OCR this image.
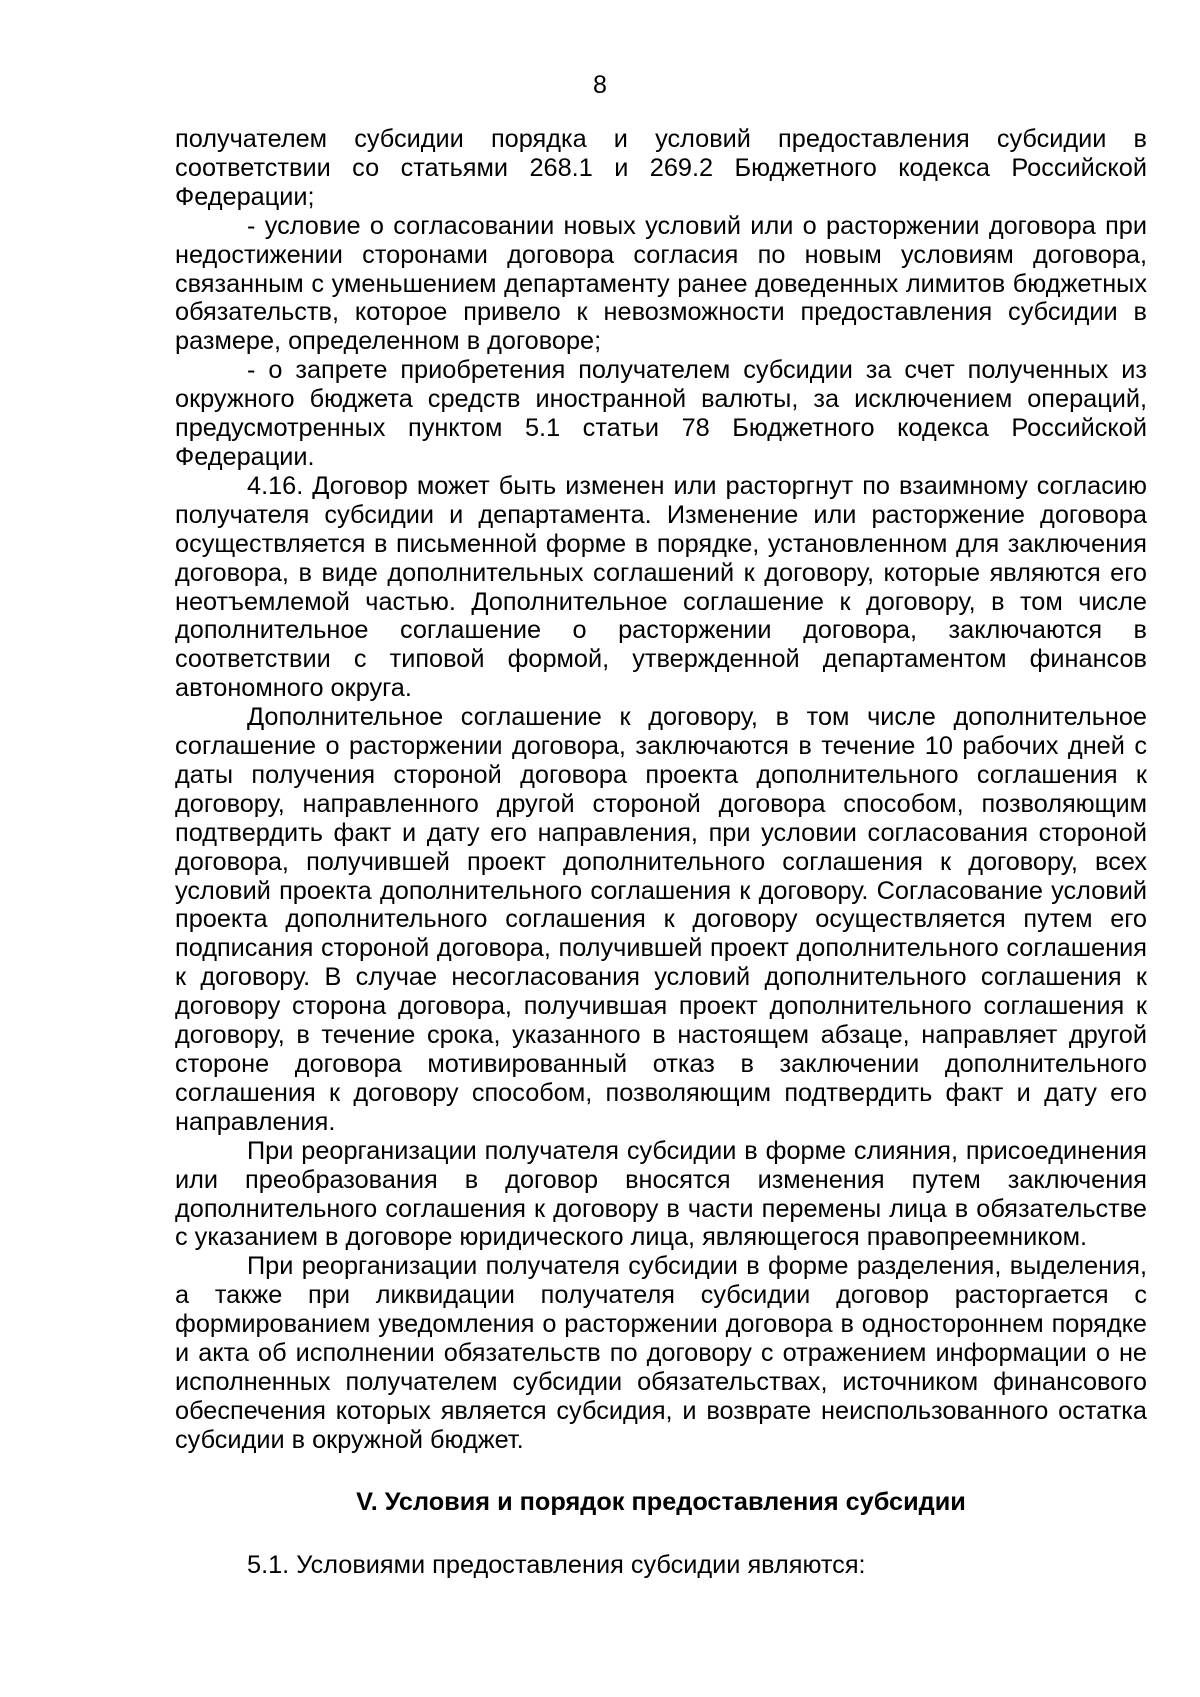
8

получателем субсидии порядка и условий предоставления субсидии в соответствии со статьями 268.1 и 269.2 Бюджетного кодекса Российской Федерации;

- условие о согласовании новых условий или о расторжении договора при недостижении сторонами договора согласия по новым условиям договора, связанным с уменьшением департаменту ранее доведенных лимитов бюджетных обязательств, которое привело к невозможности предоставления субсидии в размере, определенном в договоре;

- о запрете приобретения получателем субсидии за счет полученных из окружного бюджета средств иностранной валюты, за исключением операций, предусмотренных пунктом 5.1 статьи 78 Бюджетного кодекса Российской Федерации.

4.16. Договор может быть изменен или расторгнут по взаимному согласию получателя субсидии и департамента. Изменение или расторжение договора осуществляется в письменной форме в порядке, установленном для заключения договора, в виде дополнительных соглашений к договору, которые являются его неотъемлемой частью. Дополнительное соглашение к договору, в том числе дополнительное соглашение о расторжении договора, заключаются в соответствии с типовой формой, утвержденной департаментом финансов автономного округа.

Дополнительное соглашение к договору, в том числе дополнительное соглашение о расторжении договора, заключаются в течение 10 рабочих дней с даты получения стороной договора проекта дополнительного соглашения к договору, направленного другой стороной договора способом, позволяющим подтвердить факт и дату его направления, при условии согласования стороной договора, получившей проект дополнительного соглашения к договору, всех условий проекта дополнительного соглашения к договору. Согласование условий проекта дополнительного соглашения к договору осуществляется путем его подписания стороной договора, получившей проект дополнительного соглашения к договору. В случае несогласования условий дополнительного соглашения к договору сторона договора, получившая проект дополнительного соглашения к договору, в течение срока, указанного в настоящем абзаце, направляет другой стороне договора мотивированный отказ в заключении дополнительного соглашения к договору способом, позволяющим подтвердить факт и дату его направления.

При реорганизации получателя субсидии в форме слияния, присоединения или преобразования в договор вносятся изменения путем заключения дополнительного соглашения к договору в части перемены лица в обязательстве с указанием в договоре юридического лица, являющегося правопреемником.

При реорганизации получателя субсидии в форме разделения, выделения, а также при ликвидации получателя субсидии договор расторгается с формированием уведомления о расторжении договора в одностороннем порядке и акта об исполнении обязательств по договору с отражением информации о не исполненных получателем субсидии обязательствах, источником финансового обеспечения которых является субсидия, и возврате неиспользованного остатка субсидии в окружной бюджет.

V. Условия и порядок предоставления субсидии

5.1. Условиями предоставления субсидии являются:
